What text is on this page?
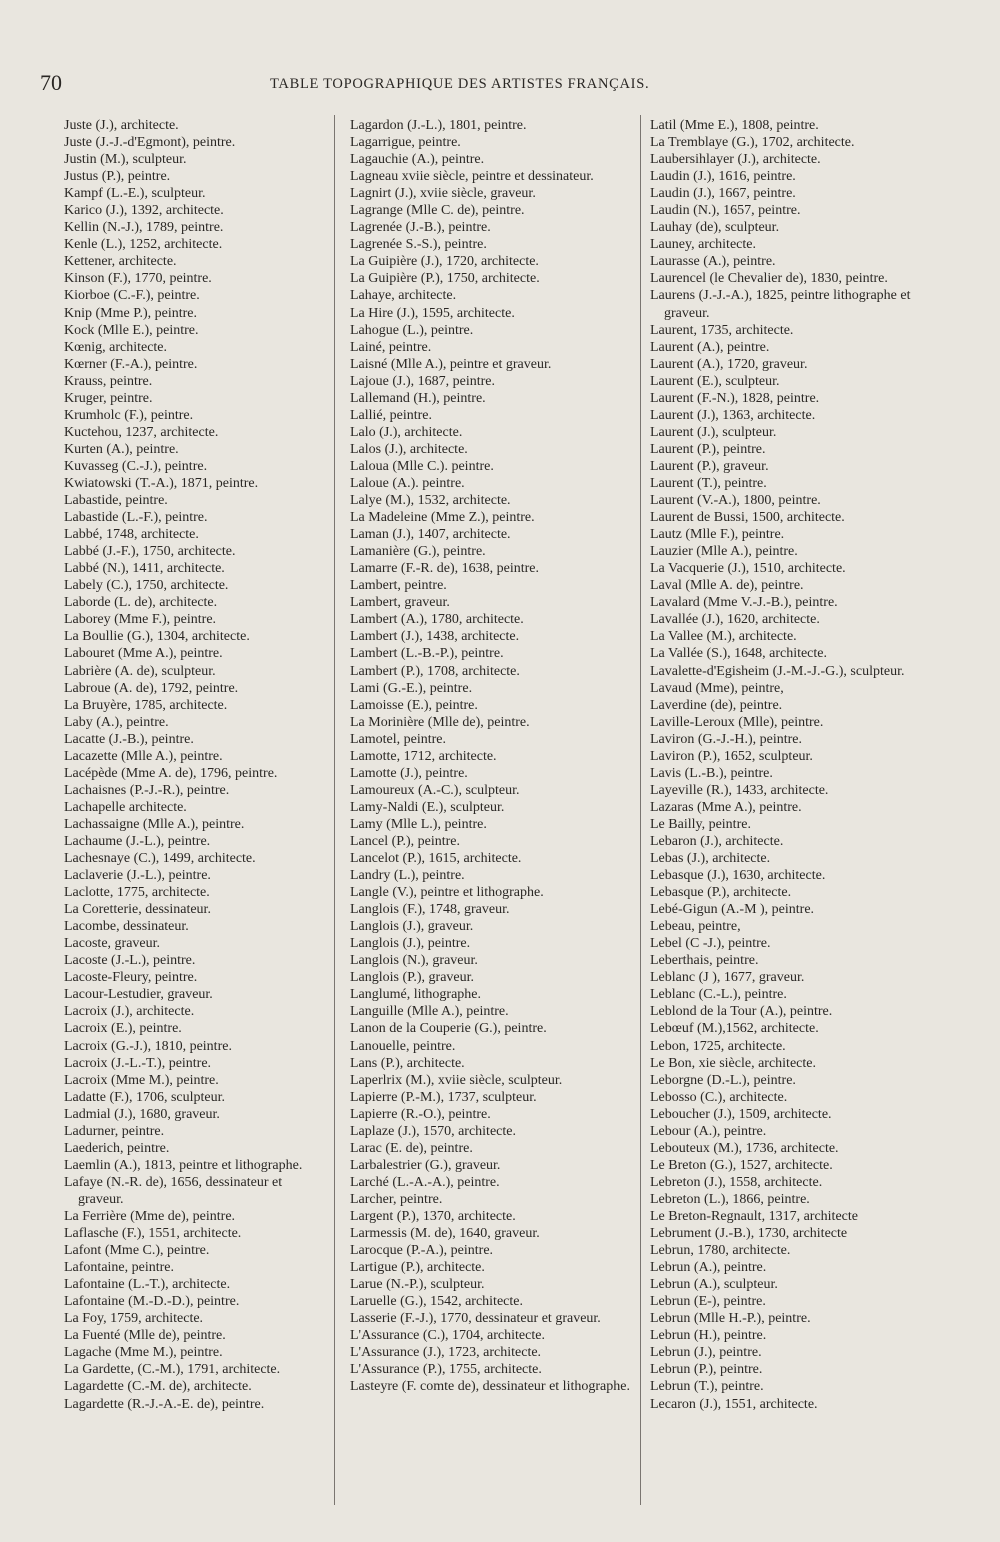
70	TABLE TOPOGRAPHIQUE DES ARTISTES FRANÇAIS.

Juste (J.), architecte.

Juste (J.-J.-d'Egmont), peintre.

Justin (M.), sculpteur.

Justus (P.), peintre.

Kampf (L.-E.), sculpteur.

Karico (J.), 1392, architecte.

Kellin (N.-J.), 1789, peintre.

Kenle (L.), 1252, architecte.

Kettener, architecte.

Kinson (F.), 1770, peintre.

Kiorboe (C.-F.), peintre.

Knip (Mme P.), peintre.

Kock (Mlle E.), peintre.

Kœnig, architecte.

Kœrner (F.-A.), peintre.

Krauss, peintre.

Kruger, peintre.

Krumholc (F.), peintre.

Kuctehou, 1237, architecte.

Kurten (A.), peintre.

Kuvasseg (C.-J.), peintre.

Kwiatowski (T.-A.), 1871, peintre.

Labastide, peintre.

Labastide (L.-F.), peintre.

Labbé, 1748, architecte.

Labbé (J.-F.), 1750, architecte.

Labbé (N.), 1411, architecte.

Labely (C.), 1750, architecte.

Laborde (L. de), architecte.

Laborey (Mme F.), peintre.

La Boullie (G.), 1304, architecte.

Labouret (Mme A.), peintre.

Labrière (A. de), sculpteur.

Labroue (A. de), 1792, peintre.

La Bruyère, 1785, architecte.

Laby (A.), peintre.

Lacatte (J.-B.), peintre.

Lacazette (Mlle A.), peintre.

Lacépède (Mme A. de), 1796, peintre.

Lachaisnes (P.-J.-R.), peintre.

Lachapelle architecte.

Lachassaigne (Mlle A.), peintre.

Lachaume (J.-L.), peintre.

Lachesnaye (C.), 1499, architecte.

Laclaverie (J.-L.), peintre.

Laclotte, 1775, architecte.

La Coretterie, dessinateur.

Lacombe, dessinateur.

Lacoste, graveur.

Lacoste (J.-L.), peintre.

Lacoste-Fleury, peintre.

Lacour-Lestudier, graveur.

Lacroix (J.), architecte.

Lacroix (E.), peintre.

Lacroix (G.-J.), 1810, peintre.

Lacroix (J.-L.-T.), peintre.

Lacroix (Mme M.), peintre.

Ladatte (F.), 1706, sculpteur.

Ladmial (J.), 1680, graveur.

Ladurner, peintre.

Laederich, peintre.

Laemlin (A.), 1813, peintre et lithographe.

Lafaye (N.-R. de), 1656, dessinateur et graveur.

La Ferrière (Mme de), peintre.

Laflasche (F.), 1551, architecte.

Lafont (Mme C.), peintre.

Lafontaine, peintre.

Lafontaine (L.-T.), architecte.

Lafontaine (M.-D.-D.), peintre.

La Foy, 1759, architecte.

La Fuenté (Mlle de), peintre.

Lagache (Mme M.), peintre.

La Gardette, (C.-M.), 1791, architecte.

Lagardette (C.-M. de), architecte.

Lagardette (R.-J.-A.-E. de), peintre.

Lagardon (J.-L.), 1801, peintre.

Lagarrigue, peintre.

Lagauchie (A.), peintre.

Lagneau xviie siècle, peintre et dessinateur.

Lagnirt (J.), xviie siècle, graveur.

Lagrange (Mlle C. de), peintre.

Lagrenée (J.-B.), peintre.

Lagrenée S.-S.), peintre.

La Guipière (J.), 1720, architecte.

La Guipière (P.), 1750, architecte.

Lahaye, architecte.

La Hire (J.), 1595, architecte.

Lahogue (L.), peintre.

Lainé, peintre.

Laisné (Mlle A.), peintre et graveur.

Lajoue (J.), 1687, peintre.

Lallemand (H.), peintre.

Lallié, peintre.

Lalo (J.), architecte.

Lalos (J.), architecte.

Laloua (Mlle C.). peintre.

Laloue (A.). peintre.

Lalye (M.), 1532, architecte.

La Madeleine (Mme Z.), peintre.

Laman (J.), 1407, architecte.

Lamanière (G.), peintre.

Lamarre (F.-R. de), 1638, peintre.

Lambert, peintre.

Lambert, graveur.

Lambert (A.), 1780, architecte.

Lambert (J.), 1438, architecte.

Lambert (L.-B.-P.), peintre.

Lambert (P.), 1708, architecte.

Lami (G.-E.), peintre.

Lamoisse (E.), peintre.

La Morinière (Mlle de), peintre.

Lamotel, peintre.

Lamotte, 1712, architecte.

Lamotte (J.), peintre.

Lamoureux (A.-C.), sculpteur.

Lamy-Naldi (E.), sculpteur.

Lamy (Mlle L.), peintre.

Lancel (P.), peintre.

Lancelot (P.), 1615, architecte.

Landry (L.), peintre.

Langle (V.), peintre et lithographe.

Langlois (F.), 1748, graveur.

Langlois (J.), graveur.

Langlois (J.), peintre.

Langlois (N.), graveur.

Langlois (P.), graveur.

Langlumé, lithographe.

Languille (Mlle A.), peintre.

Lanon de la Couperie (G.), peintre.

Lanouelle, peintre.

Lans (P.), architecte.

Laperlrix (M.), xviie siècle, sculpteur.

Lapierre (P.-M.), 1737, sculpteur.

Lapierre (R.-O.), peintre.

Laplaze (J.), 1570, architecte.

Larac (E. de), peintre.

Larbalestrier (G.), graveur.

Larché (L.-A.-A.), peintre.

Larcher, peintre.

Largent (P.), 1370, architecte.

Larmessis (M. de), 1640, graveur.

Larocque (P.-A.), peintre.

Lartigue (P.), architecte.

Larue (N.-P.), sculpteur.

Laruelle (G.), 1542, architecte.

Lasserie (F.-J.), 1770, dessinateur et graveur.

L'Assurance (C.), 1704, architecte.

L'Assurance (J.), 1723, architecte.

L'Assurance (P.), 1755, architecte.

Lasteyre (F. comte de), dessinateur et lithographe.

Latil (Mme E.), 1808, peintre.

La Tremblaye (G.), 1702, architecte.

Laubersihlayer (J.), architecte.

Laudin (J.), 1616, peintre.

Laudin (J.), 1667, peintre.

Laudin (N.), 1657, peintre.

Lauhay (de), sculpteur.

Launey, architecte.

Laurasse (A.), peintre.

Laurencel (le Chevalier de), 1830, peintre.

Laurens (J.-J.-A.), 1825, peintre lithographe et graveur.

Laurent, 1735, architecte.

Laurent (A.), peintre.

Laurent (A.), 1720, graveur.

Laurent (E.), sculpteur.

Laurent (F.-N.), 1828, peintre.

Laurent (J.), 1363, architecte.

Laurent (J.), sculpteur.

Laurent (P.), peintre.

Laurent (P.), graveur.

Laurent (T.), peintre.

Laurent (V.-A.), 1800, peintre.

Laurent de Bussi, 1500, architecte.

Lautz (Mlle F.), peintre.

Lauzier (Mlle A.), peintre.

La Vacquerie (J.), 1510, architecte.

Laval (Mlle A. de), peintre.

Lavalard (Mme V.-J.-B.), peintre.

Lavallée (J.), 1620, architecte.

La Vallee (M.), architecte.

La Vallée (S.), 1648, architecte.

Lavalette-d'Egisheim (J.-M.-J.-G.), sculpteur.

Lavaud (Mme), peintre,

Laverdine (de), peintre.

Laville-Leroux (Mlle), peintre.

Laviron (G.-J.-H.), peintre.

Laviron (P.), 1652, sculpteur.

Lavis (L.-B.), peintre.

Layeville (R.), 1433, architecte.

Lazaras (Mme A.), peintre.

Le Bailly, peintre.

Lebaron (J.), architecte.

Lebas (J.), architecte.

Lebasque (J.), 1630, architecte.

Lebasque (P.), architecte.

Lebé-Gigun (A.-M ), peintre.

Lebeau, peintre,

Lebel (C -J.), peintre.

Leberthais, peintre.

Leblanc (J ), 1677, graveur.

Leblanc (C.-L.), peintre.

Leblond de la Tour (A.), peintre.

Lebœuf (M.),1562, architecte.

Lebon, 1725, architecte.

Le Bon, xie siècle, architecte.

Leborgne (D.-L.), peintre.

Lebosso (C.), architecte.

Leboucher (J.), 1509, architecte.

Lebour (A.), peintre.

Lebouteux (M.), 1736, architecte.

Le Breton (G.), 1527, architecte.

Lebreton (J.), 1558, architecte.

Lebreton (L.), 1866, peintre.

Le Breton-Regnault, 1317, architecte

Lebrument (J.-B.), 1730, architecte

Lebrun, 1780, architecte.

Lebrun (A.), peintre.

Lebrun (A.), sculpteur.

Lebrun (E-), peintre.

Lebrun (Mlle H.-P.), peintre.

Lebrun (H.), peintre.

Lebrun (J.), peintre.

Lebrun (P.), peintre.

Lebrun (T.), peintre.

Lecaron (J.), 1551, architecte.
